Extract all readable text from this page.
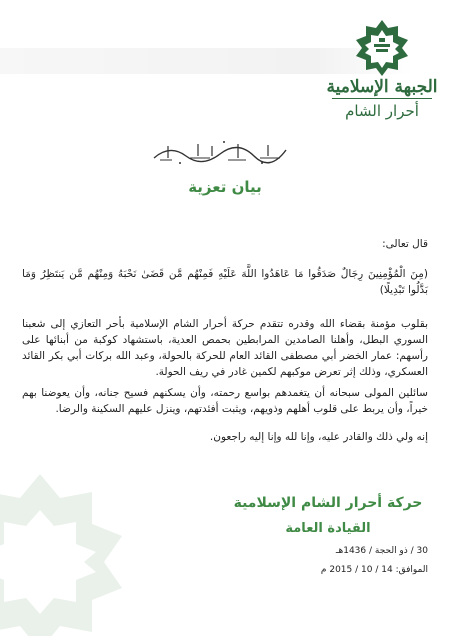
الجبهة الإسلامية
أحرار الشام
بيان تعزية
قال تعالى:
(مِنَ الْمُؤْمِنِينَ رِجَالٌ صَدَقُوا مَا عَاهَدُوا اللَّهَ عَلَيْهِ فَمِنْهُم مَّن قَضَىٰ نَحْبَهُ وَمِنْهُم مَّن يَنتَظِرُ وَمَا بَدَّلُوا تَبْدِيلًا)
بقلوب مؤمنة بقضاء الله وقدره تتقدم حركة أحرار الشام الإسلامية بأحر التعازي إلى شعبنا السوري البطل، وأهلنا الصامدين المرابطين بحمص العدية، باستشهاد كوكبة من أبنائها على رأسهم: عمار الخضر أبي مصطفى القائد العام للحركة بالحولة، وعبد الله بركات أبي بكر القائد العسكري، وذلك إثر تعرض موكبهم لكمين غادر في ريف الحولة.
سائلين المولى سبحانه أن يتغمدهم بواسع رحمته، وأن يسكنهم فسيح جنانه، وأن يعوضنا بهم خيراً، وأن يربط على قلوب أهلهم وذويهم، ويثبت أفئدتهم، وينزل عليهم السكينة والرضا.
إنه ولي ذلك والقادر عليه، وإنا لله وإنا إليه راجعون.
حركة أحرار الشام الإسلامية
القيادة العامة
30 / ذو الحجة / 1436هـ
الموافق: 14 / 10 / 2015 م
